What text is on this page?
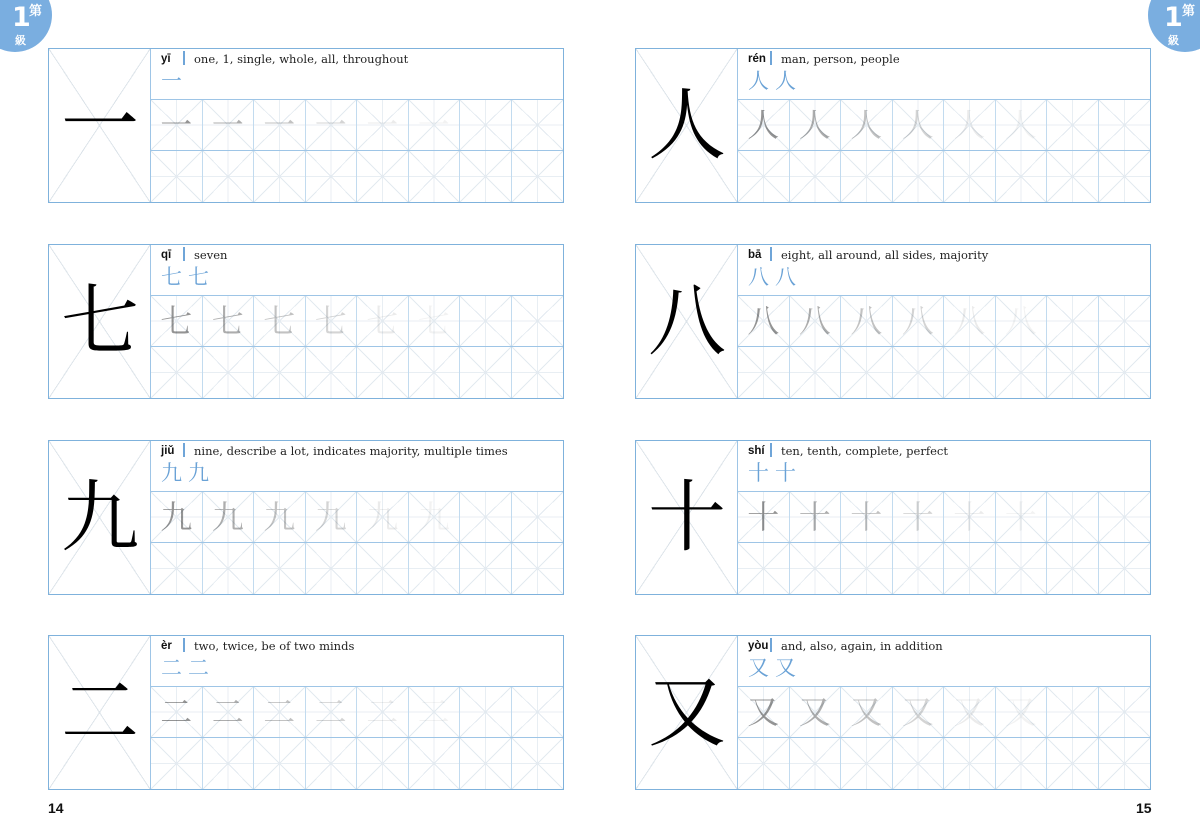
1
第
級
1 第
級
一
yī one, 1, single, whole, all, throughout
一
一 一 一 一 一 一	人
rén man, person, people
人人
人 人 人 人 人 人
七
qī seven
七七
七 七 七 七 七 七	八
bā eight, all around, all sides, majority
八八
八 八 八 八 八 八
九
jiǔ nine, describe a lot, indicates majority, multiple times
九九
九 九 九 九 九 九	十
shí ten, tenth, complete, perfect
十十
十 十 十 十 十 十
二
èr two, twice, be of two minds
二二
二 二 二 二 二 二	又
yòu and, also, again, in addition
又又
又 又 又 又 又 又
14	15
